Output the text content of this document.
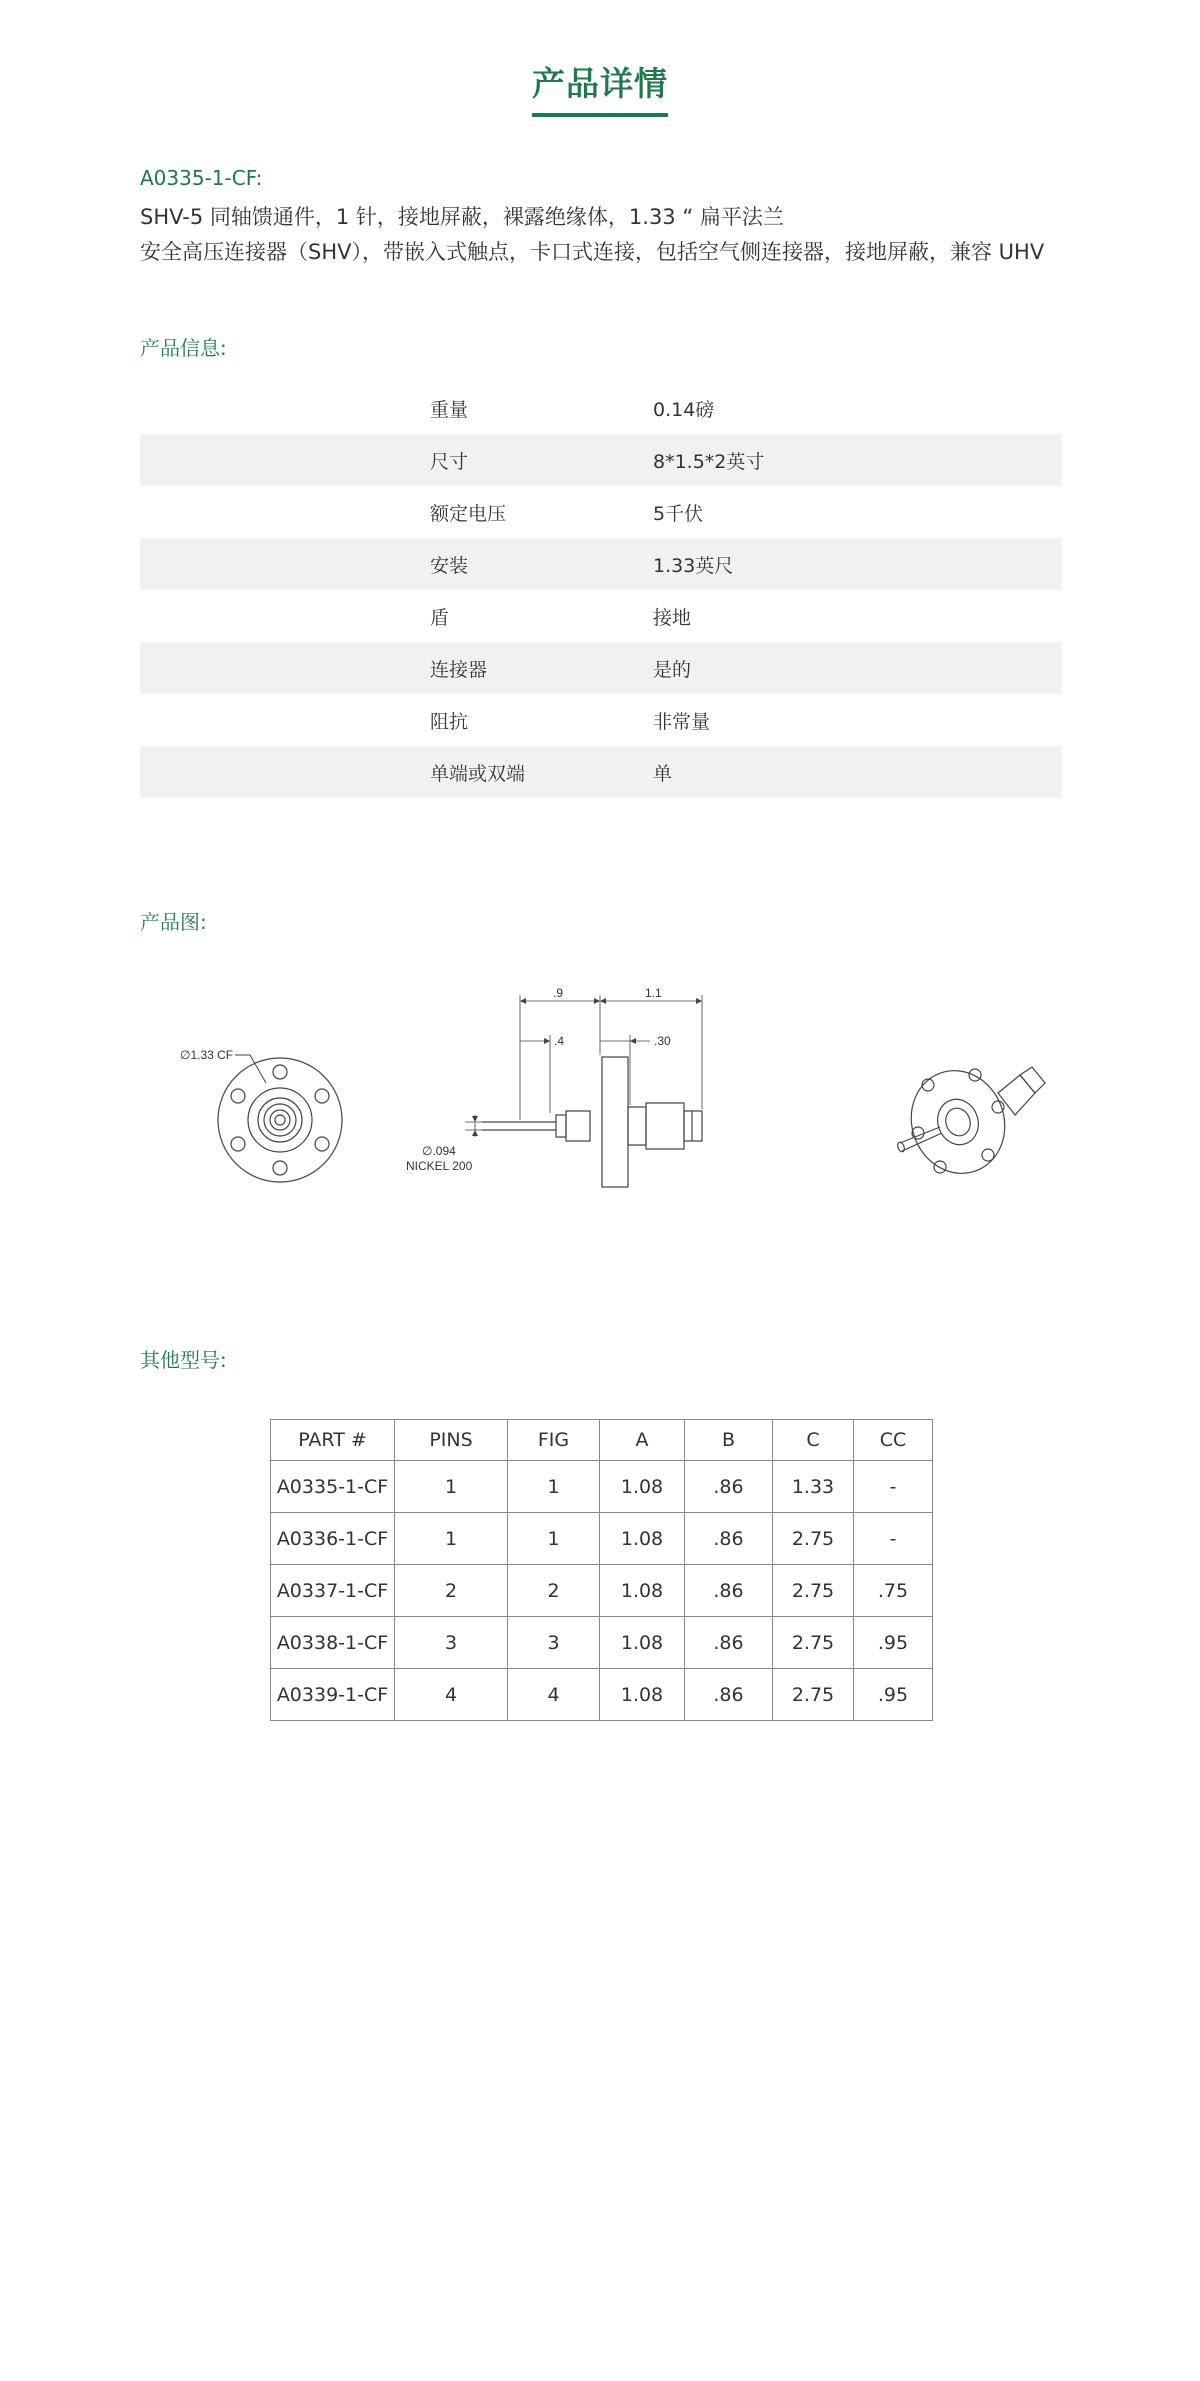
产品详情
A0335-1-CF:
SHV-5 同轴馈通件，1 针，接地屏蔽，裸露绝缘体，1.33 “ 扁平法兰
安全高压连接器（SHV），带嵌入式触点，卡口式连接，包括空气侧连接器，接地屏蔽，兼容 UHV
产品信息:
重量	0.14磅
尺寸	8*1.5*2英寸
额定电压	5千伏
安装	1.33英尺
盾	接地
连接器	是的
阻抗	非常量
单端或双端	单
产品图:
∅1.33 CF
.9	1.1
.4	.30
∅.094
NICKEL 200
其他型号:
PART #	PINS	FIG	A	B	C	CC
A0335-1-CF	1	1	1.08	.86	1.33	-
A0336-1-CF	1	1	1.08	.86	2.75	-
A0337-1-CF	2	2	1.08	.86	2.75	.75
A0338-1-CF	3	3	1.08	.86	2.75	.95
A0339-1-CF	4	4	1.08	.86	2.75	.95
